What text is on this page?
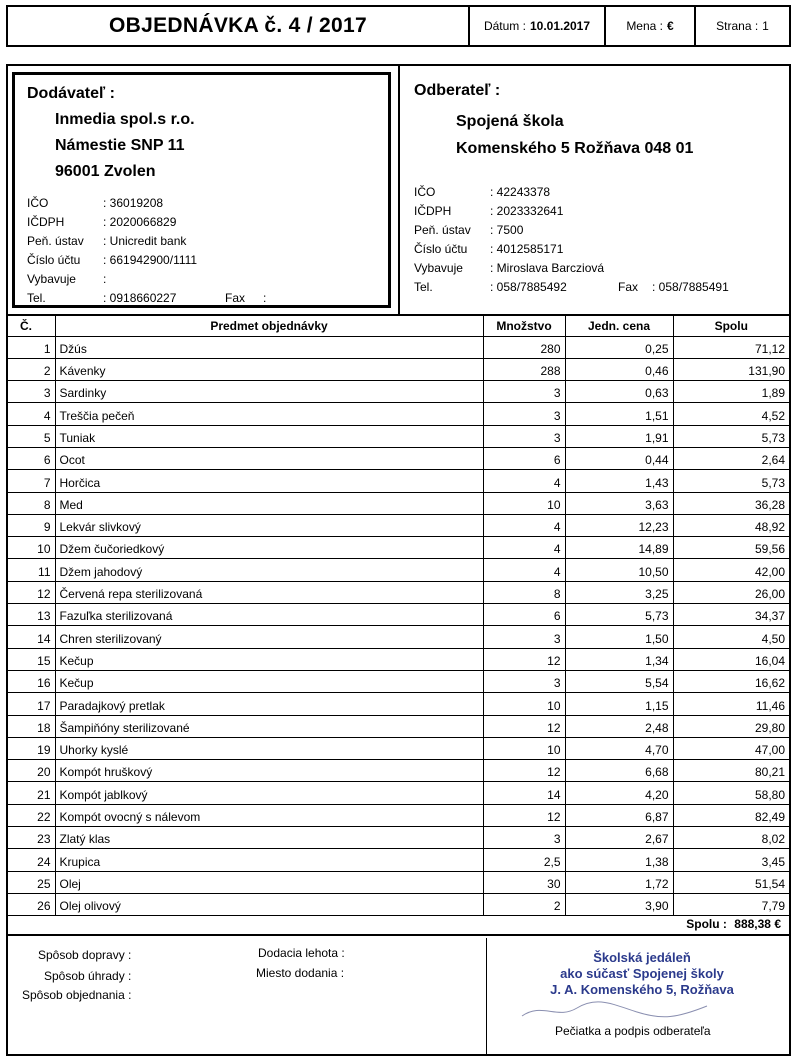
OBJEDNÁVKA č. 4 / 2017	Dátum : 10.01.2017	Mena : €	Strana : 1
Dodávateľ :
Inmedia spol.s r.o.
Námestie SNP 11
96001 Zvolen
IČO	: 36019208
IČDPH	: 2020066829
Peň. ústav	: Unicredit bank
Číslo účtu	: 661942900/1111
Vybavuje	:
Tel.	: 0918660227	Fax :
Odberateľ :
Spojená škola
Komenského 5 Rožňava 048 01
IČO	: 42243378
IČDPH	: 2023332641
Peň. ústav	: 7500
Číslo účtu	: 4012585171
Vybavuje	: Miroslava Barcziová
Tel.	: 058/7885492	Fax : 058/7885491
Č.	Predmet objednávky	Množstvo	Jedn. cena	Spolu
1	Džús	280	0,25	71,12
2	Kávenky	288	0,46	131,90
3	Sardinky	3	0,63	1,89
4	Treščia pečeň	3	1,51	4,52
5	Tuniak	3	1,91	5,73
6	Ocot	6	0,44	2,64
7	Horčica	4	1,43	5,73
8	Med	10	3,63	36,28
9	Lekvár slivkový	4	12,23	48,92
10	Džem čučoriedkový	4	14,89	59,56
11	Džem jahodový	4	10,50	42,00
12	Červená repa sterilizovaná	8	3,25	26,00
13	Fazuľka sterilizovaná	6	5,73	34,37
14	Chren sterilizovaný	3	1,50	4,50
15	Kečup	12	1,34	16,04
16	Kečup	3	5,54	16,62
17	Paradajkový pretlak	10	1,15	11,46
18	Šampiňóny sterilizované	12	2,48	29,80
19	Uhorky kyslé	10	4,70	47,00
20	Kompót hruškový	12	6,68	80,21
21	Kompót jablkový	14	4,20	58,80
22	Kompót ovocný s nálevom	12	6,87	82,49
23	Zlatý klas	3	2,67	8,02
24	Krupica	2,5	1,38	3,45
25	Olej	30	1,72	51,54
26	Olej olivový	2	3,90	7,79
Spolu : 888,38 €
Spôsob dopravy :
Spôsob úhrady :
Spôsob objednania :
Dodacia lehota :
Miesto dodania :
Školská jedáleň
ako súčasť Spojenej školy
J. A. Komenského 5, Rožňava
Pečiatka a podpis odberateľa
